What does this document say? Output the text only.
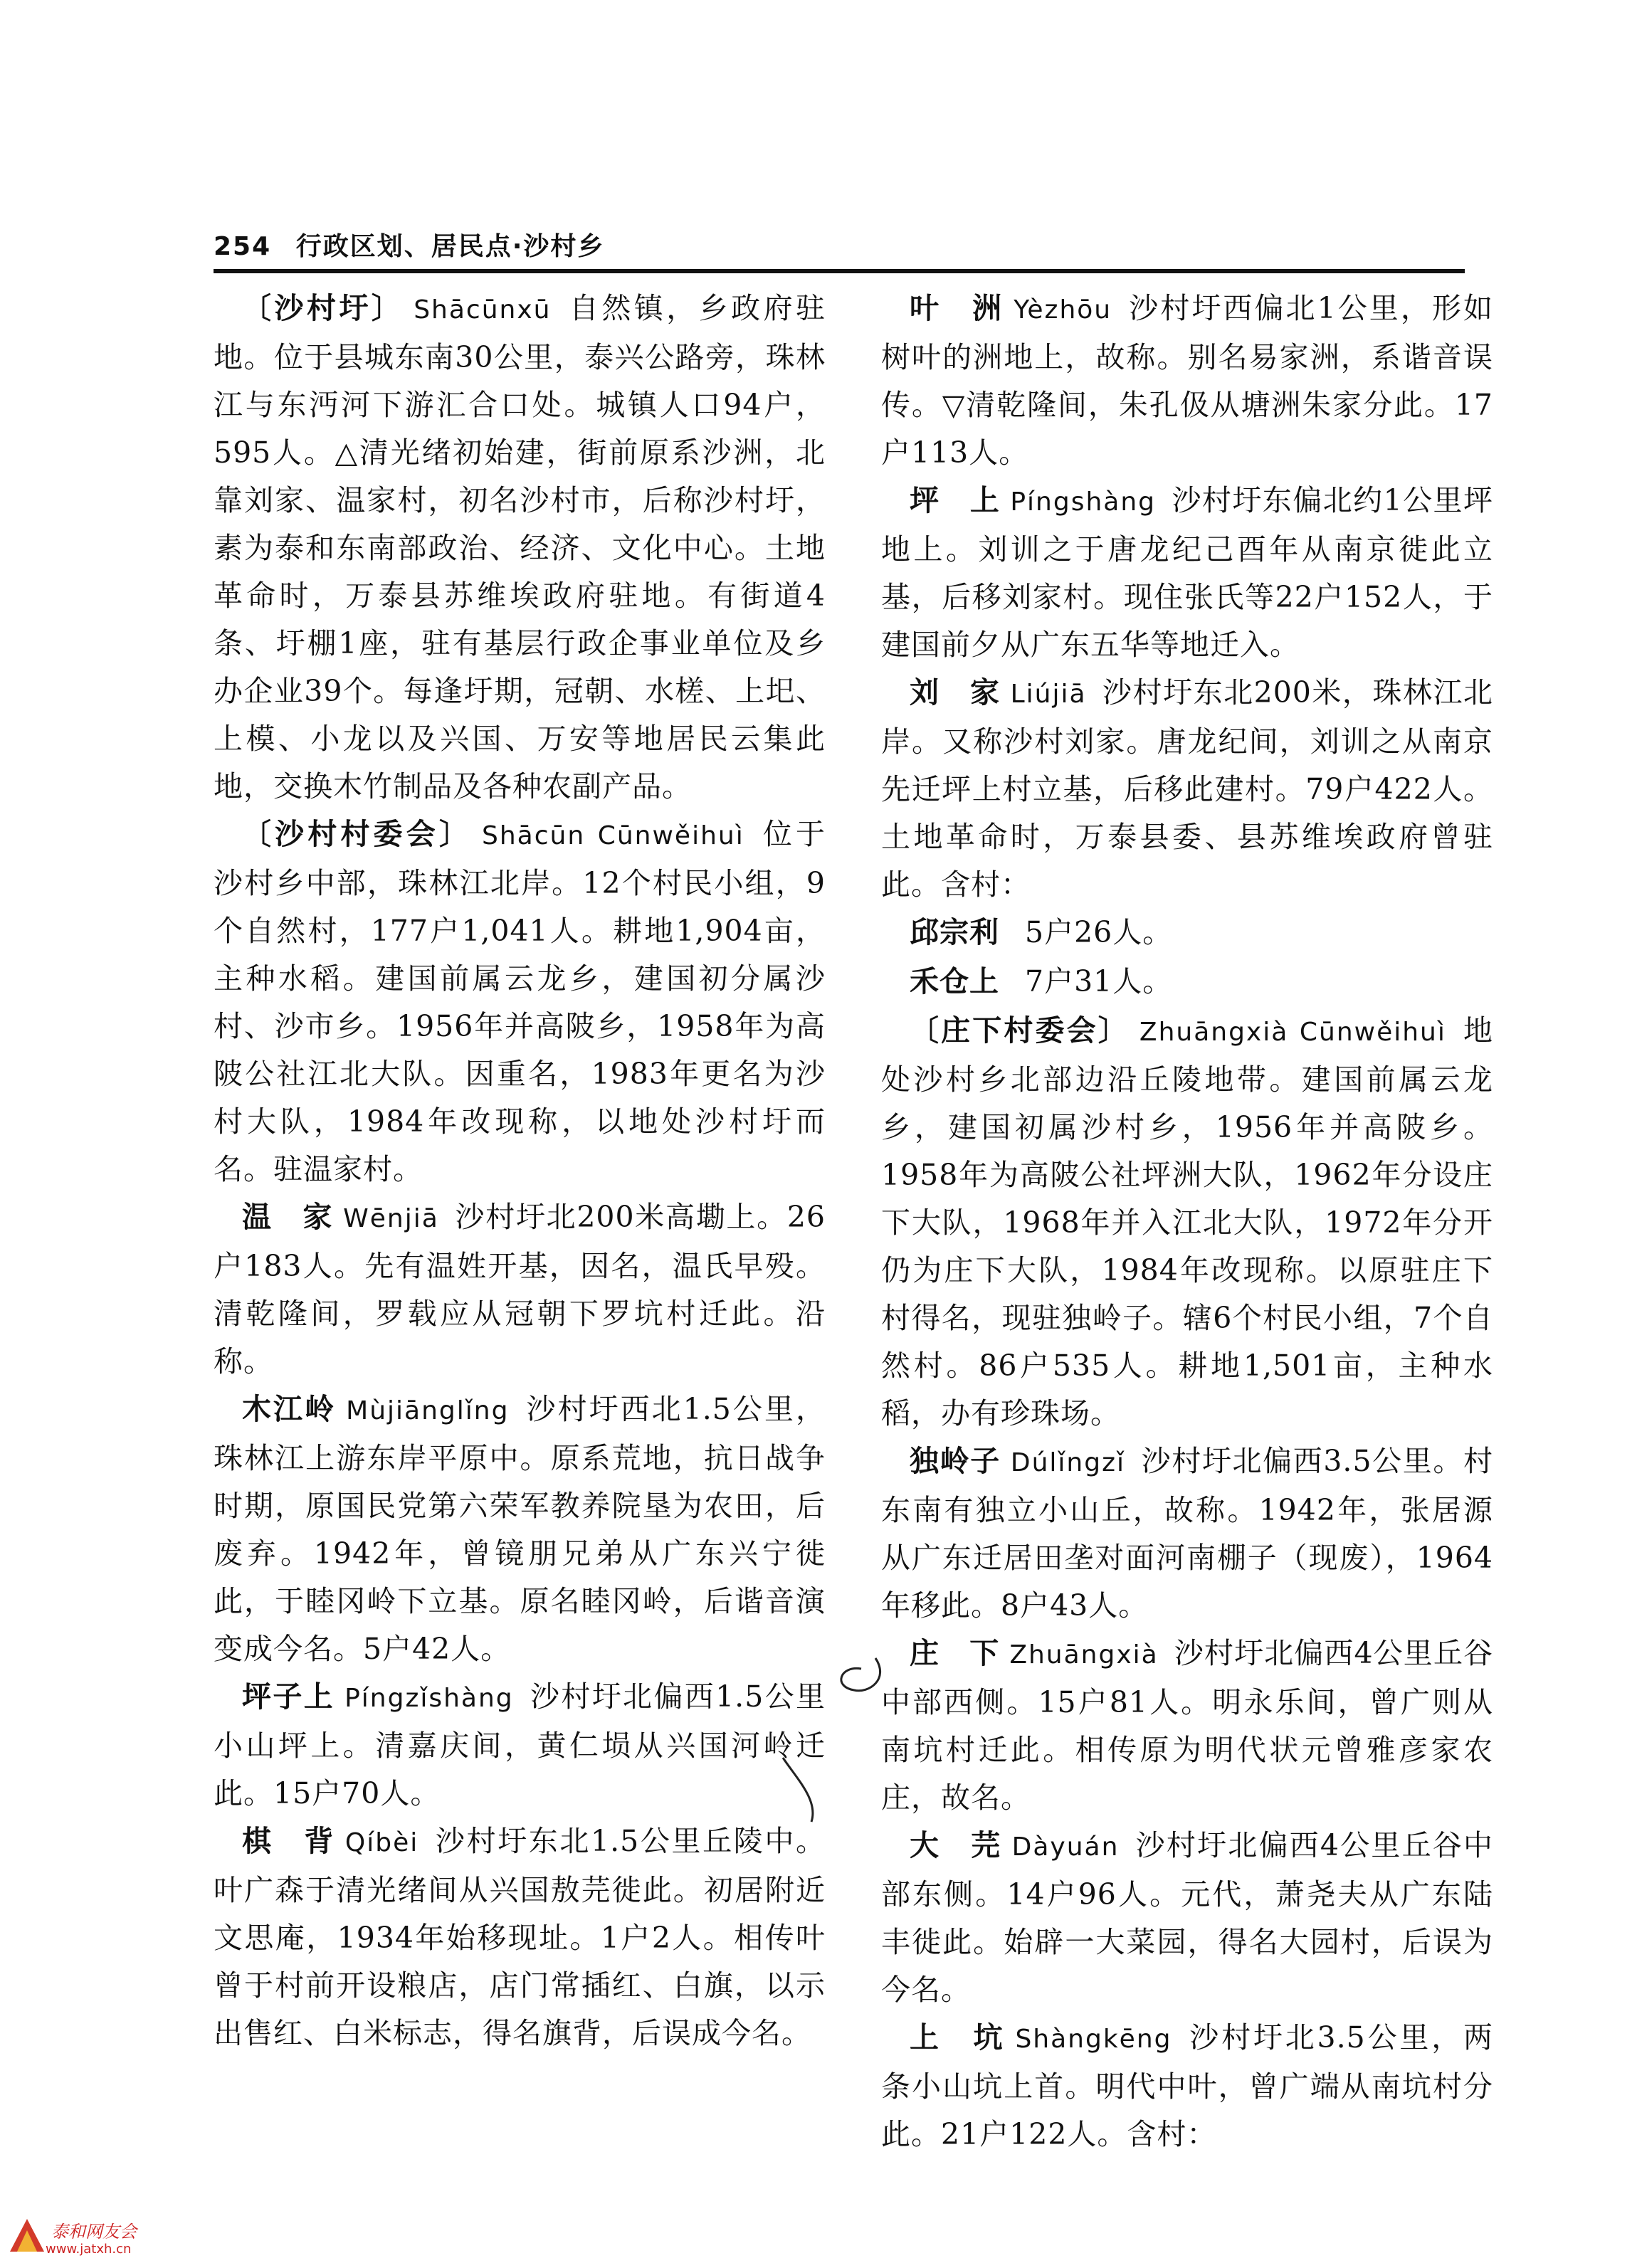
254 行政区划、居民点·沙村乡

〔沙村圩〕 Shācūnxū 自然镇，乡政府驻地。位于县城东南30公里，泰兴公路旁，珠林江与东沔河下游汇合口处。城镇人口94户，595人。△清光绪初始建，街前原系沙洲，北靠刘家、温家村，初名沙村市，后称沙村圩，素为泰和东南部政治、经济、文化中心。土地革命时，万泰县苏维埃政府驻地。有街道4条、圩棚1座，驻有基层行政企事业单位及乡办企业39个。每逢圩期，冠朝、水槎、上圯、上模、小龙以及兴国、万安等地居民云集此地，交换木竹制品及各种农副产品。

〔沙村村委会〕 Shācūn Cūnwěihuì 位于沙村乡中部，珠林江北岸。12个村民小组，9个自然村，177户1,041人。耕地1,904亩，主种水稻。建国前属云龙乡，建国初分属沙村、沙市乡。1956年并高陂乡，1958年为高陂公社江北大队。因重名，1983年更名为沙村大队，1984年改现称，以地处沙村圩而名。驻温家村。

温　家 Wēnjiā 沙村圩北200米高墈上。26户183人。先有温姓开基，因名，温氏早殁。清乾隆间，罗载应从冠朝下罗坑村迁此。沿称。

木江岭 Mùjiānglǐng 沙村圩西北1.5公里，珠林江上游东岸平原中。原系荒地，抗日战争时期，原国民党第六荣军教养院垦为农田，后废弃。1942年，曾镜朋兄弟从广东兴宁徙此，于睦冈岭下立基。原名睦冈岭，后谐音演变成今名。5户42人。

坪子上 Píngzǐshàng 沙村圩北偏西1.5公里小山坪上。清嘉庆间，黄仁埙从兴国河岭迁此。15户70人。

棋　背 Qíbèi 沙村圩东北1.5公里丘陵中。叶广森于清光绪间从兴国敖芫徙此。初居附近文思庵，1934年始移现址。1户2人。相传叶曾于村前开设粮店，店门常插红、白旗，以示出售红、白米标志，得名旗背，后误成今名。

叶　洲 Yèzhōu 沙村圩西偏北1公里，形如树叶的洲地上，故称。别名易家洲，系谐音误传。▽清乾隆间，朱孔伋从塘洲朱家分此。17户113人。

坪　上 Píngshàng 沙村圩东偏北约1公里坪地上。刘训之于唐龙纪己酉年从南京徙此立基，后移刘家村。现住张氏等22户152人，于建国前夕从广东五华等地迁入。

刘　家 Liújiā 沙村圩东北200米，珠林江北岸。又称沙村刘家。唐龙纪间，刘训之从南京先迁坪上村立基，后移此建村。79户422人。土地革命时，万泰县委、县苏维埃政府曾驻此。含村：

邱宗利 5户26人。

禾仓上 7户31人。

〔庄下村委会〕 Zhuāngxià Cūnwěihuì 地处沙村乡北部边沿丘陵地带。建国前属云龙乡，建国初属沙村乡，1956年并高陂乡。1958年为高陂公社坪洲大队，1962年分设庄下大队，1968年并入江北大队，1972年分开仍为庄下大队，1984年改现称。以原驻庄下村得名，现驻独岭子。辖6个村民小组，7个自然村。86户535人。耕地1,501亩，主种水稻，办有珍珠场。

独岭子 Dúlǐngzǐ 沙村圩北偏西3.5公里。村东南有独立小山丘，故称。1942年，张居源从广东迁居田垄对面河南棚子（现废），1964年移此。8户43人。

庄　下 Zhuāngxià 沙村圩北偏西4公里丘谷中部西侧。15户81人。明永乐间，曾广则从南坑村迁此。相传原为明代状元曾雅彦家农庄，故名。

大　芫 Dàyuán 沙村圩北偏西4公里丘谷中部东侧。14户96人。元代，萧尧夫从广东陆丰徙此。始辟一大菜园，得名大园村，后误为今名。

上　坑 Shàngkēng 沙村圩北3.5公里，两条小山坑上首。明代中叶，曾广端从南坑村分此。21户122人。含村：

泰和网友会
www.jatxh.cn
